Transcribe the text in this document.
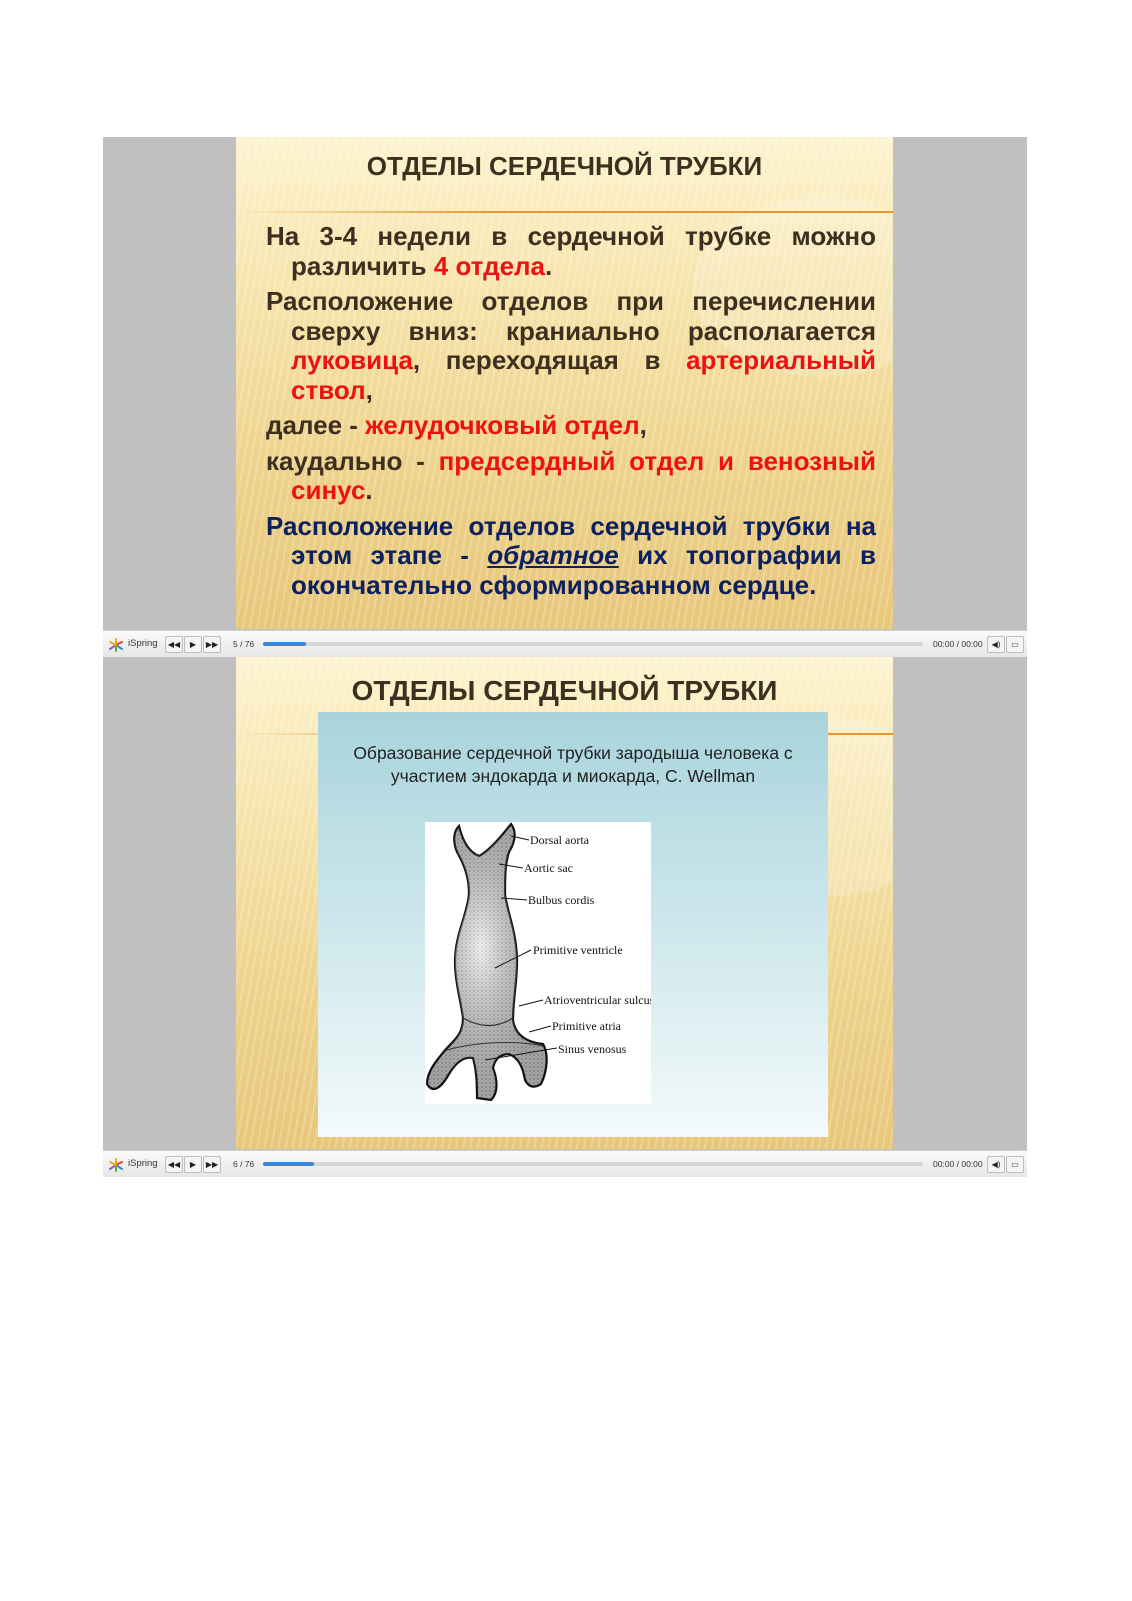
ОТДЕЛЫ СЕРДЕЧНОЙ ТРУБКИ

На 3-4 недели в сердечной трубке можно различить 4 отдела.

Расположение отделов при перечислении сверху вниз: краниально располагается луковица, переходящая в артериальный ствол,

далее - желудочковый отдел,

каудально - предсердный отдел и венозный синус.

Расположение отделов сердечной трубки на этом этапе - обратное их топографии в окончательно сформированном сердце.

iSpring	◀◀	▶	▶▶	5 / 76	00:00 / 00:00	◀)	▭
ОТДЕЛЫ СЕРДЕЧНОЙ ТРУБКИ
Образование сердечной трубки зародыша человека с участием эндокарда и миокарда, C. Wellman
Dorsal aorta
Aortic sac
Bulbus cordis
Primitive ventricle
Atrioventricular sulcus
Primitive atria
Sinus venosus
iSpring	◀◀	▶	▶▶	6 / 76	00:00 / 00:00	◀)	▭
